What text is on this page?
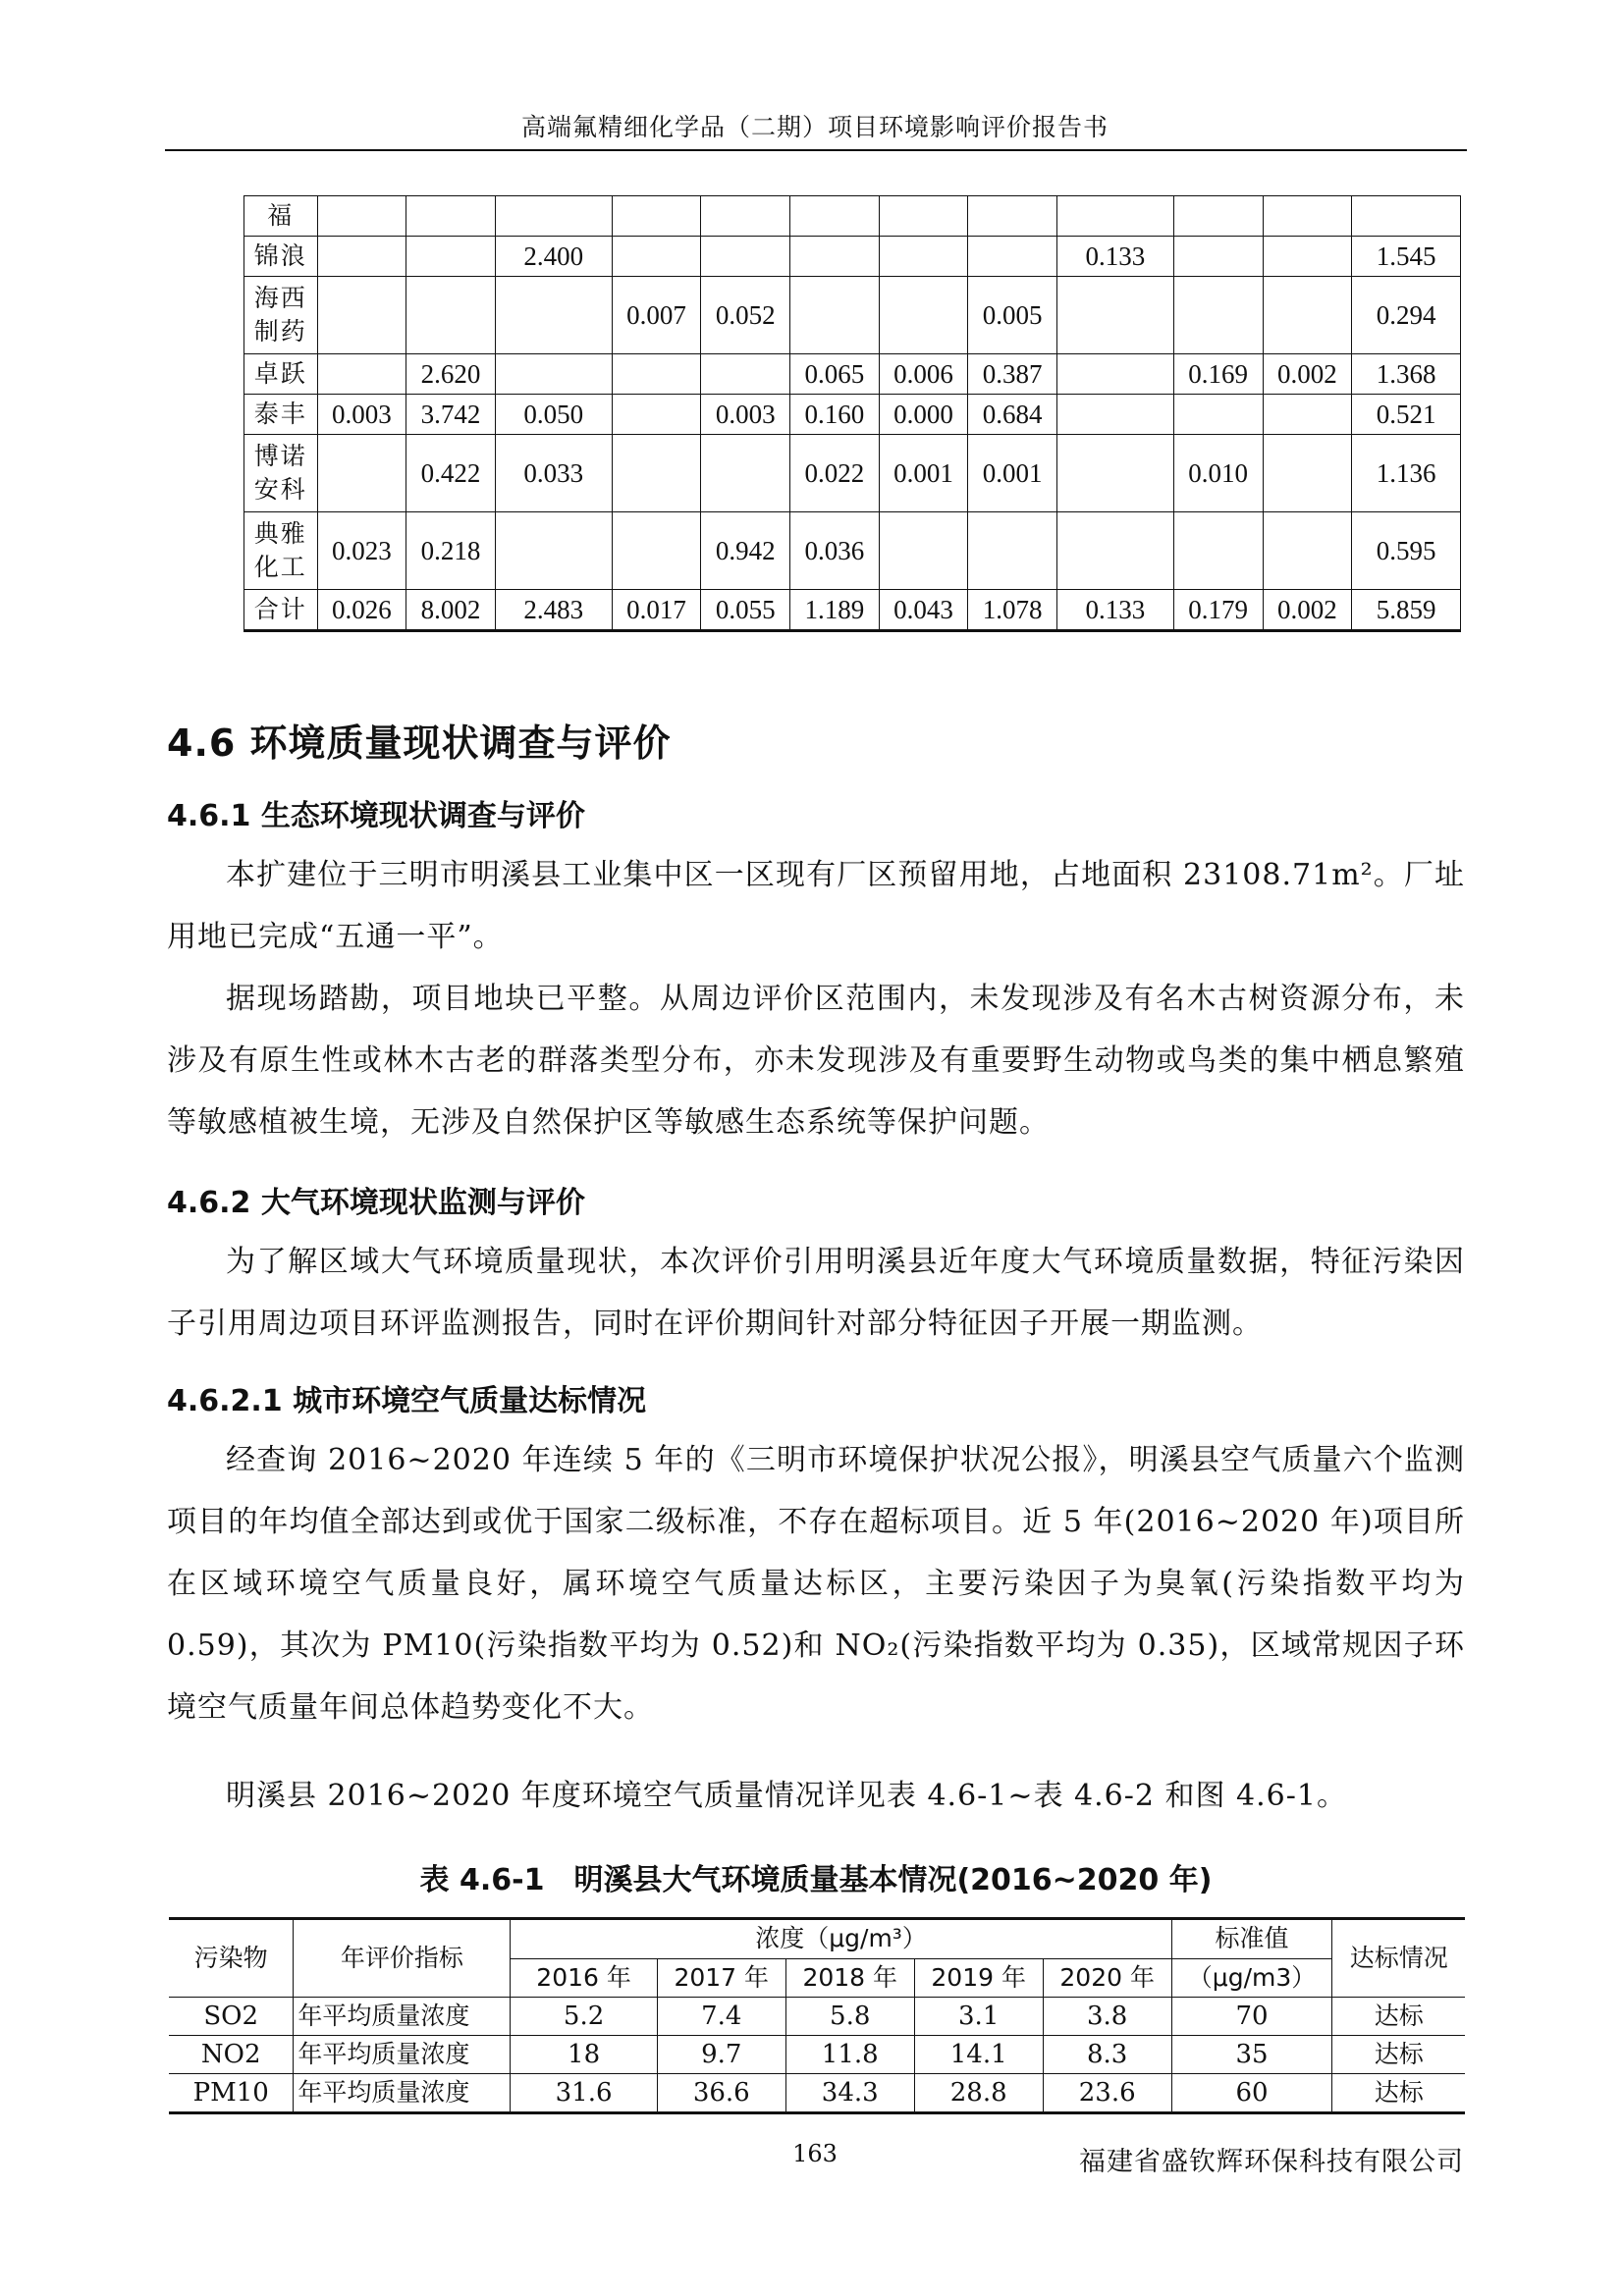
高端氟精细化学品（二期）项目环境影响评价报告书
福												
锦浪			2.400						0.133			1.545
海西制药				0.007	0.052			0.005				0.294
卓跃		2.620				0.065	0.006	0.387		0.169	0.002	1.368
泰丰	0.003	3.742	0.050		0.003	0.160	0.000	0.684				0.521
博诺安科		0.422	0.033			0.022	0.001	0.001		0.010		1.136
典雅化工	0.023	0.218			0.942	0.036						0.595
合计	0.026	8.002	2.483	0.017	0.055	1.189	0.043	1.078	0.133	0.179	0.002	5.859
4.6 环境质量现状调查与评价
4.6.1 生态环境现状调查与评价

本扩建位于三明市明溪县工业集中区一区现有厂区预留用地，占地面积 23108.71m²。厂址用地已完成“五通一平”。

据现场踏勘，项目地块已平整。从周边评价区范围内，未发现涉及有名木古树资源分布，未涉及有原生性或林木古老的群落类型分布，亦未发现涉及有重要野生动物或鸟类的集中栖息繁殖等敏感植被生境，无涉及自然保护区等敏感生态系统等保护问题。

4.6.2 大气环境现状监测与评价

为了解区域大气环境质量现状，本次评价引用明溪县近年度大气环境质量数据，特征污染因子引用周边项目环评监测报告，同时在评价期间针对部分特征因子开展一期监测。

4.6.2.1 城市环境空气质量达标情况

经查询 2016~2020 年连续 5 年的《三明市环境保护状况公报》，明溪县空气质量六个监测项目的年均值全部达到或优于国家二级标准，不存在超标项目。近 5 年(2016~2020 年)项目所在区域环境空气质量良好，属环境空气质量达标区，主要污染因子为臭氧(污染指数平均为 0.59)，其次为 PM10(污染指数平均为 0.52)和 NO₂(污染指数平均为 0.35)，区域常规因子环境空气质量年间总体趋势变化不大。

明溪县 2016~2020 年度环境空气质量情况详见表 4.6-1~表 4.6-2 和图 4.6-1。

表 4.6-1　明溪县大气环境质量基本情况(2016~2020 年)
污染物	年评价指标	浓度（μg/m³）					标准值	达标情况
		2016 年	2017 年	2018 年	2019 年	2020 年	（μg/m3）	
SO2	年平均质量浓度	5.2	7.4	5.8	3.1	3.8	70	达标
NO2	年平均质量浓度	18	9.7	11.8	14.1	8.3	35	达标
PM10	年平均质量浓度	31.6	36.6	34.3	28.8	23.6	60	达标
163	福建省盛钦辉环保科技有限公司
